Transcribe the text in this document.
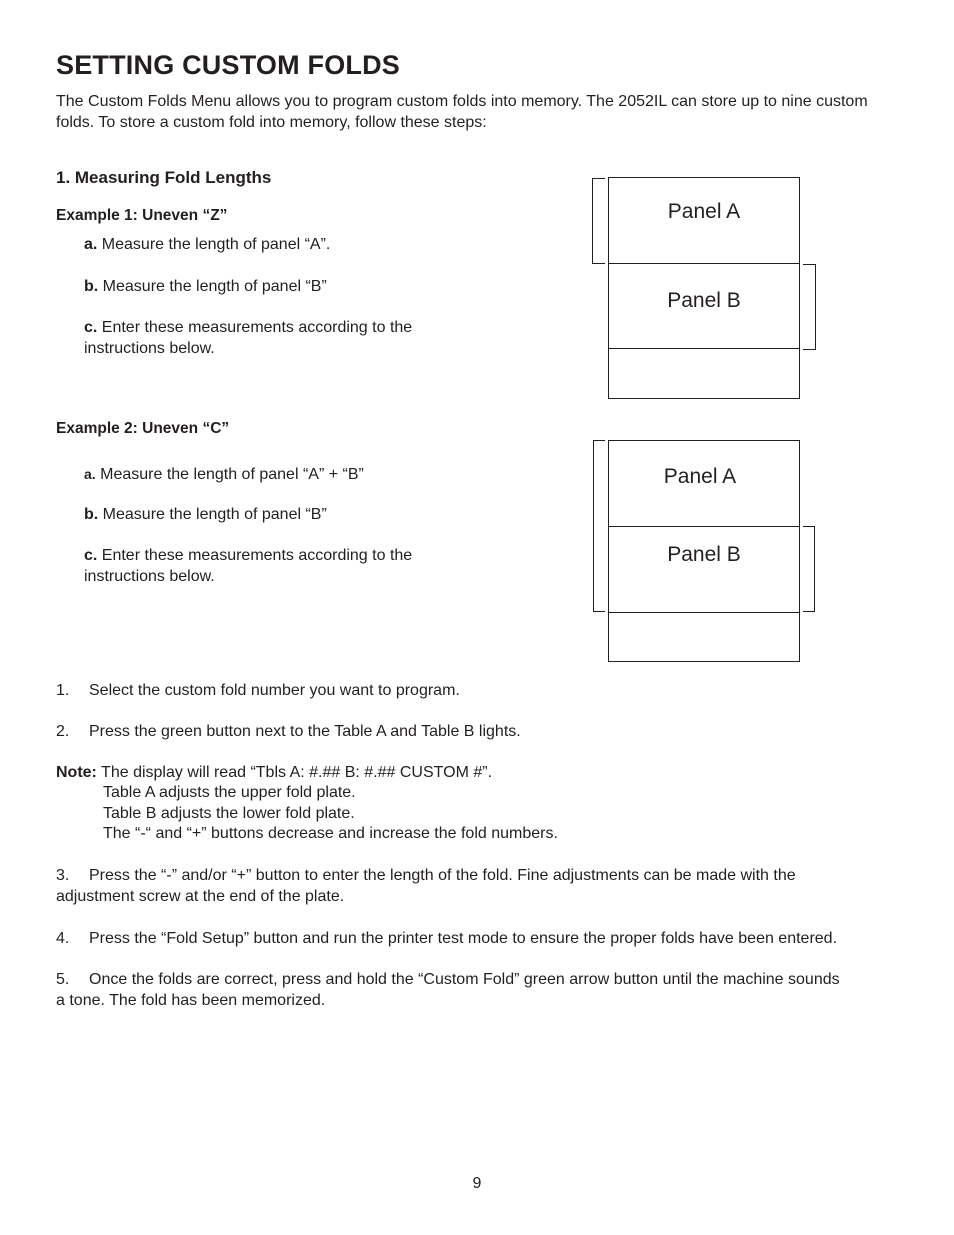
SETTING CUSTOM FOLDS
The Custom Folds Menu allows you to program custom folds into memory. The 2052IL can store up to nine custom folds. To store a custom fold into memory, follow these steps:
1. Measuring Fold Lengths
Example 1: Uneven “Z”
a. Measure the length of panel “A”.
b. Measure the length of panel “B”
c. Enter these measurements according to the
instructions below.
Panel A
Panel B
Example 2: Uneven “C”
a. Measure the length of panel “A” + “B”
b. Measure the length of panel “B”
c. Enter these measurements according to the
instructions below.
Panel A
Panel B
1. Select the custom fold number you want to program.
2. Press the green button next to the Table A and Table B lights.
Note: The display will read “Tbls A: #.## B: #.## CUSTOM #”.
Table A adjusts the upper fold plate.
Table B adjusts the lower fold plate.
The “-“ and “+” buttons decrease and increase the fold numbers.
3. Press the “-” and/or “+” button to enter the length of the fold. Fine adjustments can be made with the
adjustment screw at the end of the plate.
4. Press the “Fold Setup” button and run the printer test mode to ensure the proper folds have been entered.
5. Once the folds are correct, press and hold the “Custom Fold” green arrow button until the machine sounds
a tone. The fold has been memorized.
9
